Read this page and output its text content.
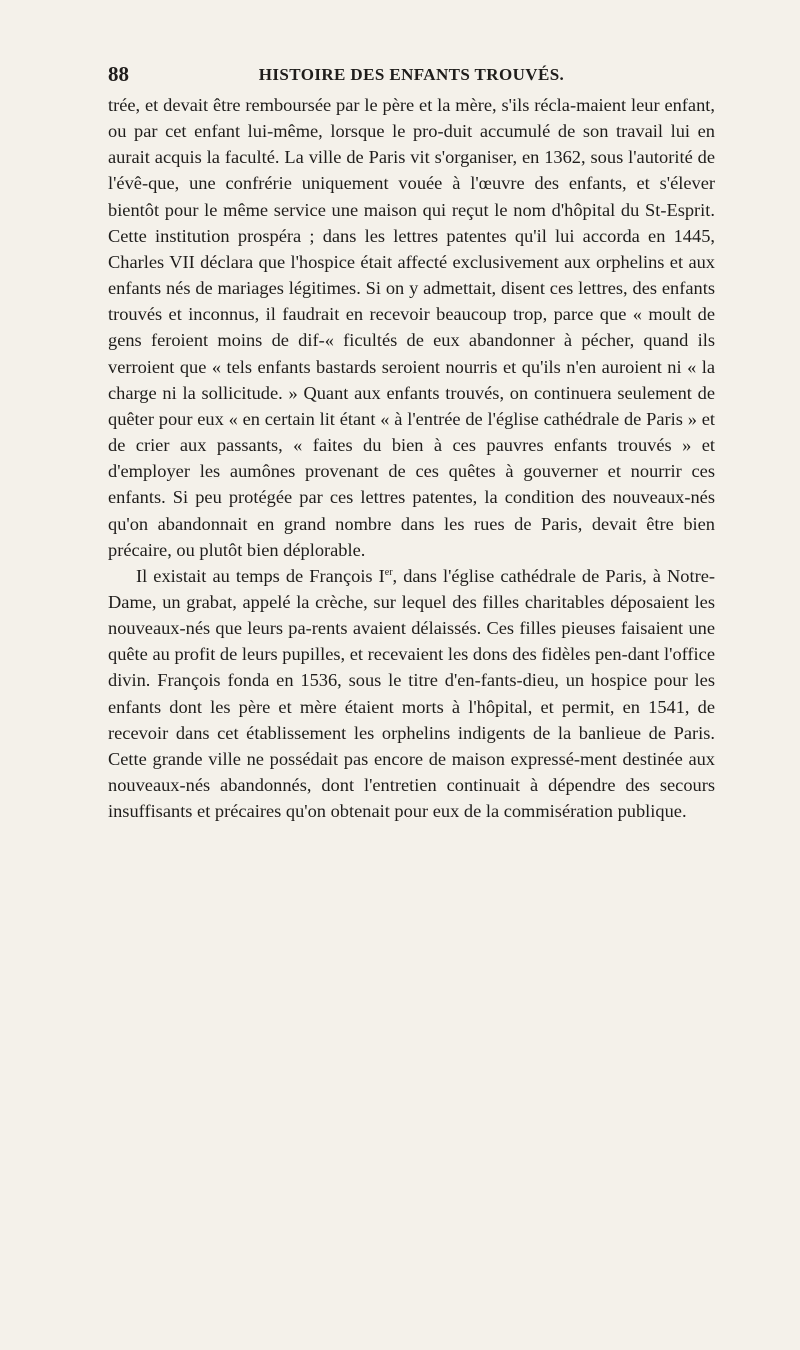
88	HISTOIRE DES ENFANTS TROUVÉS.

trée, et devait être remboursée par le père et la mère, s'ils récla-maient leur enfant, ou par cet enfant lui-même, lorsque le pro-duit accumulé de son travail lui en aurait acquis la faculté. La ville de Paris vit s'organiser, en 1362, sous l'autorité de l'évê-que, une confrérie uniquement vouée à l'œuvre des enfants, et s'élever bientôt pour le même service une maison qui reçut le nom d'hôpital du St-Esprit. Cette institution prospéra ; dans les lettres patentes qu'il lui accorda en 1445, Charles VII déclara que l'hospice était affecté exclusivement aux orphelins et aux enfants nés de mariages légitimes. Si on y admettait, disent ces lettres, des enfants trouvés et inconnus, il faudrait en recevoir beaucoup trop, parce que « moult de gens feroient moins de dif-« ficultés de eux abandonner à pécher, quand ils verroient que « tels enfants bastards seroient nourris et qu'ils n'en auroient ni « la charge ni la sollicitude. » Quant aux enfants trouvés, on continuera seulement de quêter pour eux « en certain lit étant « à l'entrée de l'église cathédrale de Paris » et de crier aux passants, « faites du bien à ces pauvres enfants trouvés » et d'employer les aumônes provenant de ces quêtes à gouverner et nourrir ces enfants. Si peu protégée par ces lettres patentes, la condition des nouveaux-nés qu'on abandonnait en grand nombre dans les rues de Paris, devait être bien précaire, ou plutôt bien déplorable.

Il existait au temps de François Ier, dans l'église cathédrale de Paris, à Notre-Dame, un grabat, appelé la crèche, sur lequel des filles charitables déposaient les nouveaux-nés que leurs pa-rents avaient délaissés. Ces filles pieuses faisaient une quête au profit de leurs pupilles, et recevaient les dons des fidèles pen-dant l'office divin. François fonda en 1536, sous le titre d'en-fants-dieu, un hospice pour les enfants dont les père et mère étaient morts à l'hôpital, et permit, en 1541, de recevoir dans cet établissement les orphelins indigents de la banlieue de Paris. Cette grande ville ne possédait pas encore de maison expressé-ment destinée aux nouveaux-nés abandonnés, dont l'entretien continuait à dépendre des secours insuffisants et précaires qu'on obtenait pour eux de la commisération publique.
